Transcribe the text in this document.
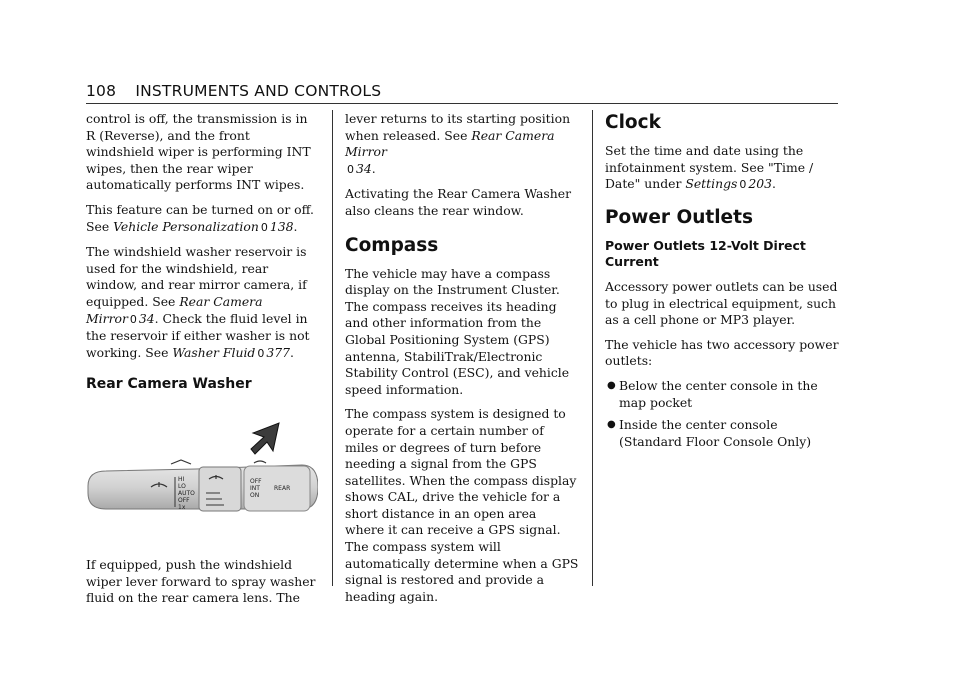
108 INSTRUMENTS AND CONTROLS

control is off, the transmission is in R (Reverse), and the front windshield wiper is performing INT wipes, then the rear wiper automatically performs INT wipes.

This feature can be turned on or off. See Vehicle Personalization 0 138.

The windshield washer reservoir is used for the windshield, rear window, and rear mirror camera, if equipped. See Rear Camera Mirror 0 34. Check the fluid level in the reservoir if either washer is not working. See Washer Fluid 0 377.

Rear Camera Washer
HI
LO
AUTO
OFF
1x
OFF
INT REAR
ON

If equipped, push the windshield wiper lever forward to spray washer fluid on the rear camera lens. The

lever returns to its starting position when released. See Rear Camera Mirror
0 34.

Activating the Rear Camera Washer also cleans the rear window.

Compass

The vehicle may have a compass display on the Instrument Cluster. The compass receives its heading and other information from the Global Positioning System (GPS) antenna, StabiliTrak/Electronic Stability Control (ESC), and vehicle speed information.

The compass system is designed to operate for a certain number of miles or degrees of turn before needing a signal from the GPS satellites. When the compass display shows CAL, drive the vehicle for a short distance in an open area where it can receive a GPS signal. The compass system will automatically determine when a GPS signal is restored and provide a heading again.

Clock

Set the time and date using the infotainment system. See "Time / Date" under Settings 0 203.

Power Outlets
Power Outlets 12-Volt Direct Current

Accessory power outlets can be used to plug in electrical equipment, such as a cell phone or MP3 player.

The vehicle has two accessory power outlets:

● Below the center console in the map pocket
● Inside the center console (Standard Floor Console Only)
